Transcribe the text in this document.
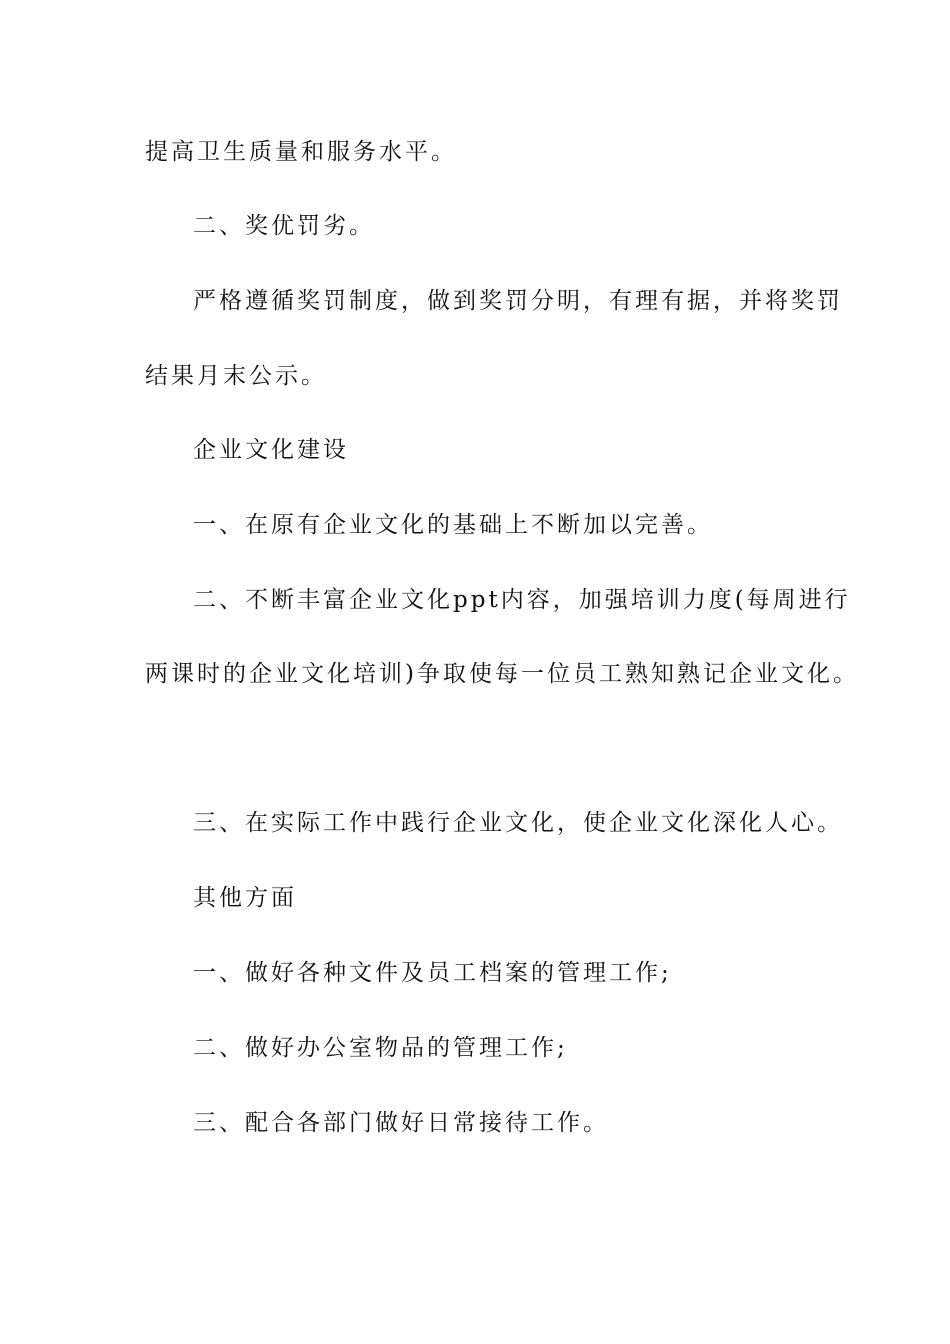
提高卫生质量和服务水平。
二、奖优罚劣。
严格遵循奖罚制度，做到奖罚分明，有理有据，并将奖罚
结果月末公示。
企业文化建设
一、在原有企业文化的基础上不断加以完善。
二、不断丰富企业文化ppt内容，加强培训力度(每周进行
两课时的企业文化培训)争取使每一位员工熟知熟记企业文化。
三、在实际工作中践行企业文化，使企业文化深化人心。
其他方面
一、做好各种文件及员工档案的管理工作;
二、做好办公室物品的管理工作;
三、配合各部门做好日常接待工作。
